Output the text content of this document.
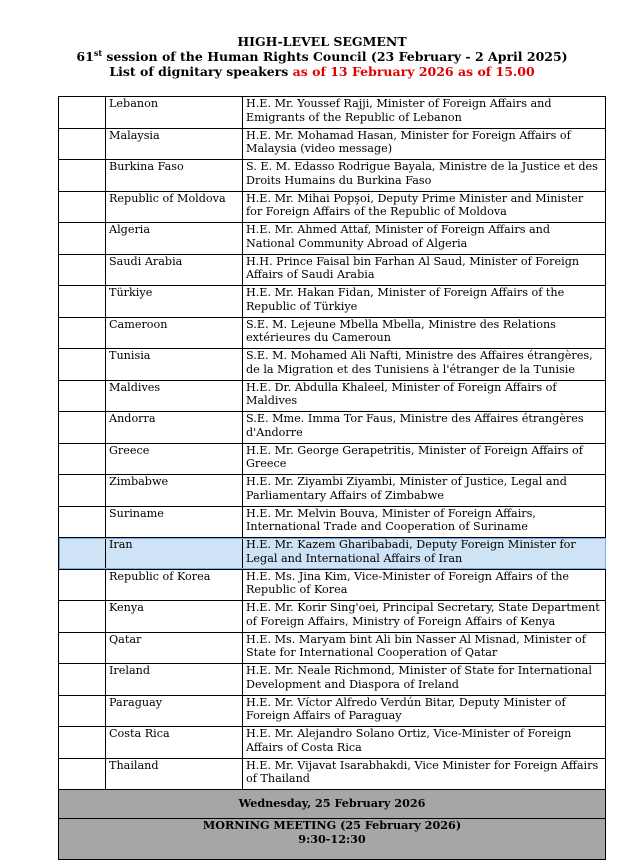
HIGH-LEVEL SEGMENT
61st session of the Human Rights Council (23 February - 2 April 2025)
List of dignitary speakers as of 13 February 2026 as of 15.00
	Lebanon	H.E. Mr. Youssef Rajji, Minister of Foreign Affairs and Emigrants of the Republic of Lebanon
	Malaysia	H.E. Mr. Mohamad Hasan, Minister for Foreign Affairs of Malaysia (video message)
	Burkina Faso	S. E. M. Edasso Rodrigue Bayala, Ministre de la Justice et des Droits Humains du Burkina Faso
	Republic of Moldova	H.E. Mr. Mihai Popşoi, Deputy Prime Minister and Minister for Foreign Affairs of the Republic of Moldova
	Algeria	H.E. Mr. Ahmed Attaf, Minister of Foreign Affairs and National Community Abroad of Algeria
	Saudi Arabia	H.H. Prince Faisal bin Farhan Al Saud, Minister of Foreign Affairs of Saudi Arabia
	Türkiye	H.E. Mr. Hakan Fidan, Minister of Foreign Affairs of the Republic of Türkiye
	Cameroon	S.E. M. Lejeune Mbella Mbella, Ministre des Relations extérieures du Cameroun
	Tunisia	S.E. M. Mohamed Ali Nafti, Ministre des Affaires étrangères, de la Migration et des Tunisiens à l'étranger de la Tunisie
	Maldives	H.E. Dr. Abdulla Khaleel, Minister of Foreign Affairs of Maldives
	Andorra	S.E. Mme. Imma Tor Faus, Ministre des Affaires étrangères d'Andorre
	Greece	H.E. Mr. George Gerapetritis, Minister of Foreign Affairs of Greece
	Zimbabwe	H.E. Mr. Ziyambi Ziyambi, Minister of Justice, Legal and Parliamentary Affairs of Zimbabwe
	Suriname	H.E. Mr. Melvin Bouva, Minister of Foreign Affairs, International Trade and Cooperation of Suriname
	Iran	H.E. Mr. Kazem Gharibabadi, Deputy Foreign Minister for Legal and International Affairs of Iran
	Republic of Korea	H.E. Ms. Jina Kim, Vice-Minister of Foreign Affairs of the Republic of Korea
	Kenya	H.E. Mr. Korir Sing'oei, Principal Secretary, State Department of Foreign Affairs, Ministry of Foreign Affairs of Kenya
	Qatar	H.E. Ms. Maryam bint Ali bin Nasser Al Misnad, Minister of State for International Cooperation of Qatar
	Ireland	H.E. Mr. Neale Richmond, Minister of State for International Development and Diaspora of Ireland
	Paraguay	H.E. Mr. Víctor Alfredo Verdún Bitar, Deputy Minister of Foreign Affairs of Paraguay
	Costa Rica	H.E. Mr. Alejandro Solano Ortiz, Vice-Minister of Foreign Affairs of Costa Rica
	Thailand	H.E. Mr. Vijavat Isarabhakdi, Vice Minister for Foreign Affairs of Thailand
Wednesday, 25 February 2026		

MORNING MEETING (25 February 2026)
9:30-12:30		
